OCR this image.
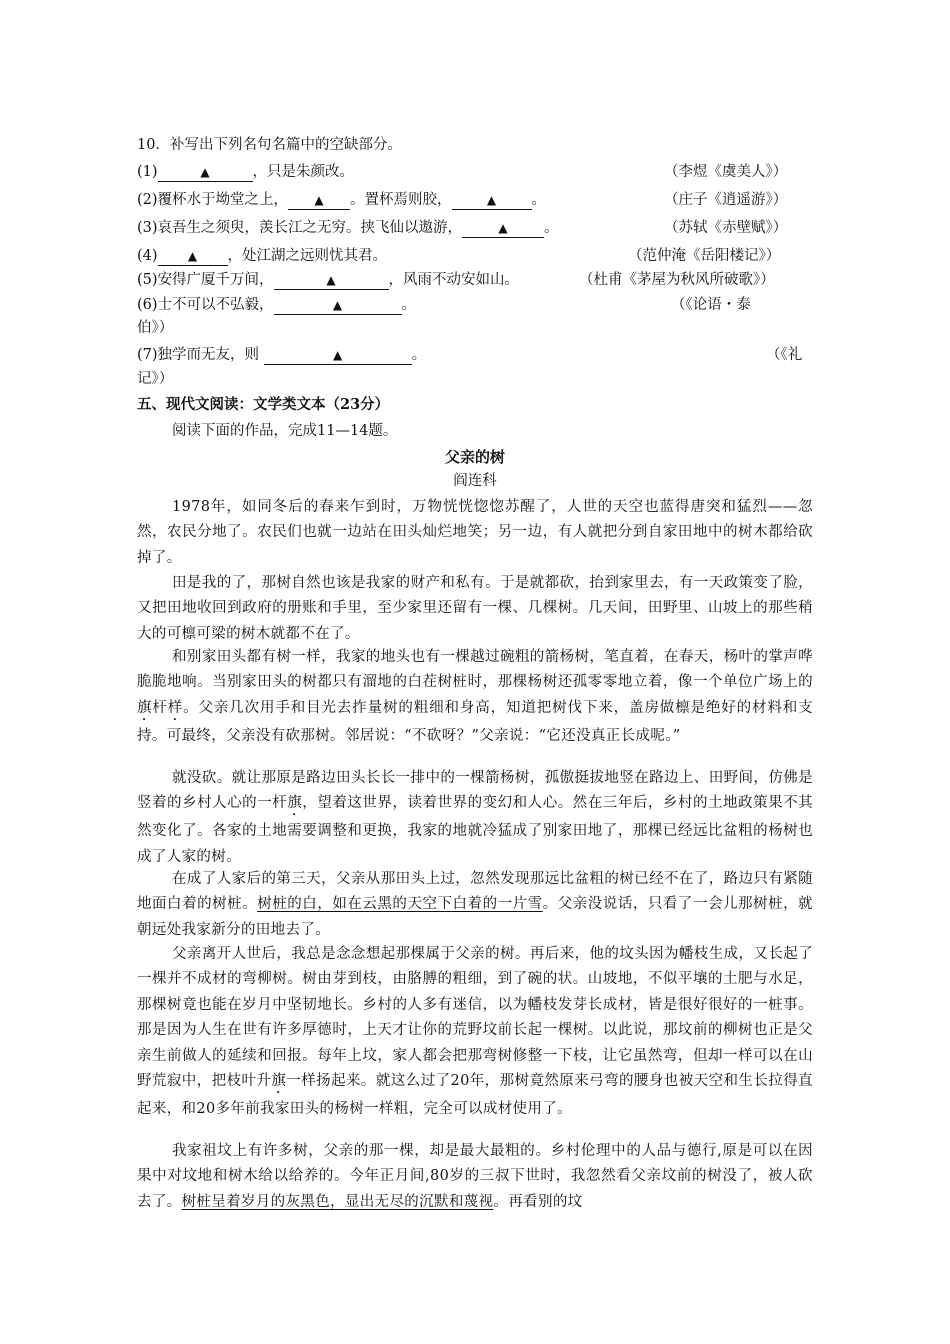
10．补写出下列名句名篇中的空缺部分。
(1)	▲	，只是朱颜改。	（李煜《虞美人》）
(2)覆杯水于坳堂之上， ▲ 。置杯焉则胶，	▲ 。	（庄子《逍遥游》）
(3)哀吾生之须臾，羡长江之无穷。挟飞仙以遨游，	▲	。	（苏轼《赤壁赋》）
(4)	▲ ，处江湖之远则忧其君。	（范仲淹《岳阳楼记》）
(5)安得广厦千万间，	▲	，风雨不动安如山。	（杜甫《茅屋为秋风所破歌》）
(6)士不可以不弘毅，	▲	。	（《论语・泰
伯》）
(7)独学而无友，则	▲	。	（《礼
记》）
五、现代文阅读：文学类文本（23分）
阅读下面的作品，完成11—14题。
父亲的树
阎连科
1978年，如同冬后的春来乍到时，万物恍恍惚惚苏醒了，人世的天空也蓝得唐突和猛烈——忽然，农民分地了。农民们也就一边站在田头灿烂地笑；另一边，有人就把分到自家田地中的树木都给砍掉了。
田是我的了，那树自然也该是我家的财产和私有。于是就都砍，抬到家里去，有一天政策变了脸，又把田地收回到政府的册账和手里，至少家里还留有一棵、几棵树。几天间，田野里、山坡上的那些稍大的可檩可梁的树木就都不在了。
和别家田头都有树一样，我家的地头也有一棵越过碗粗的箭杨树，笔直着，在春天，杨叶的掌声哗脆脆地响。当别家田头的树都只有溜地的白茬树桩时，那棵杨树还孤零零地立着，像一个单位广场上的旗杆样。父亲几次用手和目光去拃量树的粗细和身高，知道把树伐下来，盖房做檩是绝好的材料和支持。可最终，父亲没有砍那树。邻居说：“不砍呀？”父亲说：“它还没真正长成呢。”
就没砍。就让那原是路边田头长长一排中的一棵箭杨树，孤傲挺拔地竖在路边上、田野间，仿佛是竖着的乡村人心的一杆旗，望着这世界，读着世界的变幻和人心。然在三年后，乡村的土地政策果不其然变化了。各家的土地需要调整和更换，我家的地就冷猛成了别家田地了，那棵已经远比盆粗的杨树也成了人家的树。
在成了人家后的第三天，父亲从那田头上过，忽然发现那远比盆粗的树已经不在了，路边只有紧随地面白着的树桩。树桩的白，如在云黑的天空下白着的一片雪。父亲没说话，只看了一会儿那树桩，就朝远处我家新分的田地去了。
父亲离开人世后，我总是念念想起那棵属于父亲的树。再后来，他的坟头因为幡枝生成，又长起了一棵并不成材的弯柳树。树由芽到枝，由胳膊的粗细，到了碗的状。山坡地，不似平壤的土肥与水足，那棵树竟也能在岁月中坚韧地长。乡村的人多有迷信，以为幡枝发芽长成材，皆是很好很好的一桩事。那是因为人生在世有许多厚德时，上天才让你的荒野坟前长起一棵树。以此说，那坟前的柳树也正是父亲生前做人的延续和回报。每年上坟，家人都会把那弯树修整一下枝，让它虽然弯，但却一样可以在山野荒寂中，把枝叶升旗一样扬起来。就这么过了20年，那树竟然原来弓弯的腰身也被天空和生长拉得直起来，和20多年前我家田头的杨树一样粗，完全可以成材使用了。
我家祖坟上有许多树，父亲的那一棵，却是最大最粗的。乡村伦理中的人品与德行,原是可以在因果中对坟地和树木给以给养的。今年正月间,80岁的三叔下世时，我忽然看父亲坟前的树没了，被人砍去了。树桩呈着岁月的灰黑色，显出无尽的沉默和蔑视。再看别的坟
